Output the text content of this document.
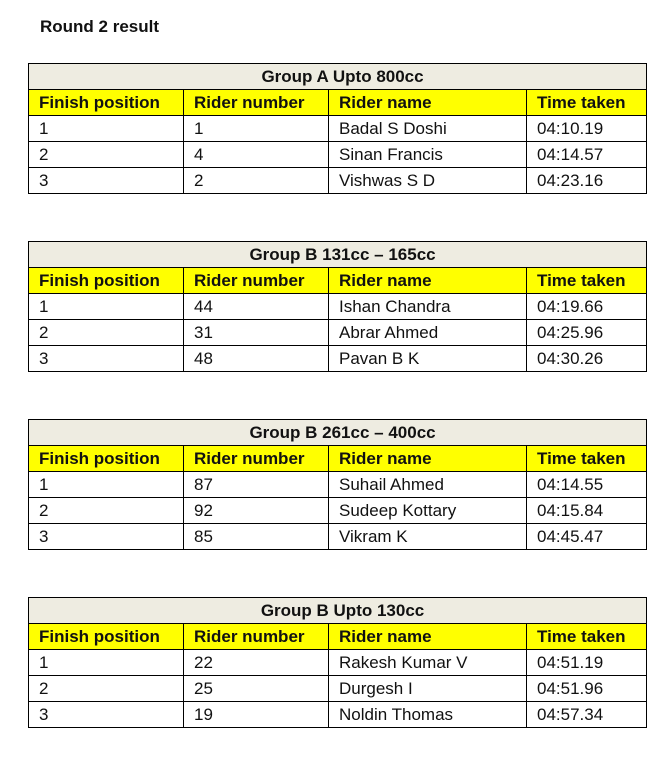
Round 2 result
Group A Upto 800cc			
Finish position	Rider number	Rider name	Time taken
1	1	Badal S Doshi	04:10.19
2	4	Sinan Francis	04:14.57
3	2	Vishwas S D	04:23.16
Group B 131cc – 165cc			
Finish position	Rider number	Rider name	Time taken
1	44	Ishan Chandra	04:19.66
2	31	Abrar Ahmed	04:25.96
3	48	Pavan B K	04:30.26
Group B 261cc – 400cc			
Finish position	Rider number	Rider name	Time taken
1	87	Suhail Ahmed	04:14.55
2	92	Sudeep Kottary	04:15.84
3	85	Vikram K	04:45.47
Group B Upto 130cc			
Finish position	Rider number	Rider name	Time taken
1	22	Rakesh Kumar V	04:51.19
2	25	Durgesh I	04:51.96
3	19	Noldin Thomas	04:57.34
